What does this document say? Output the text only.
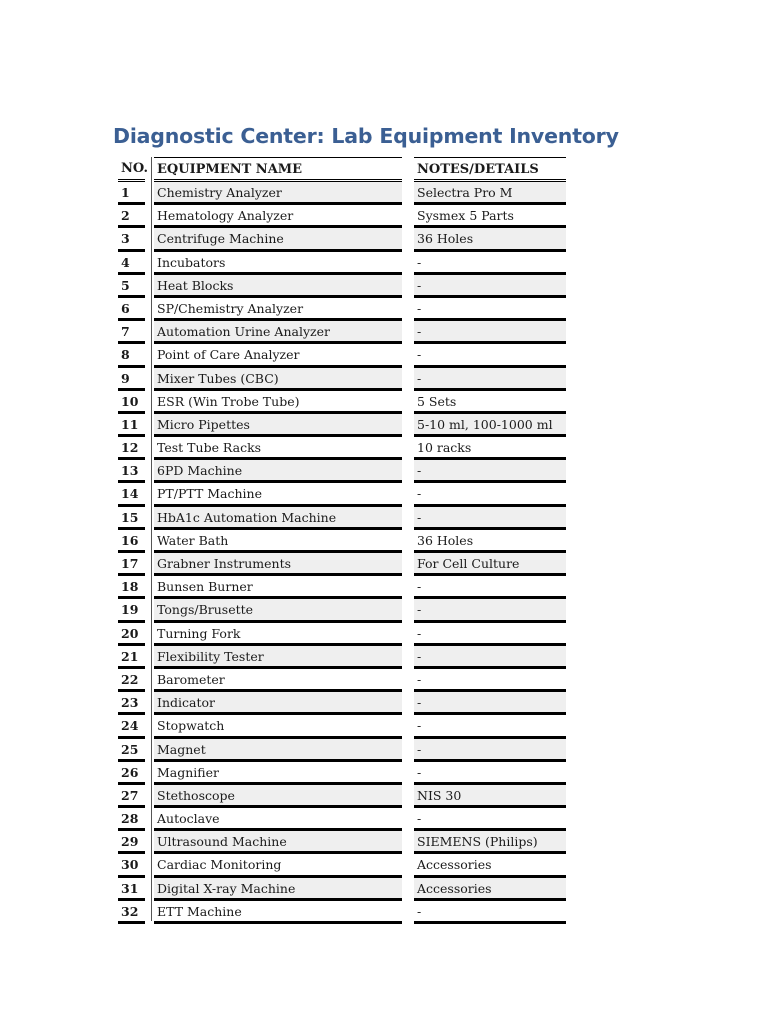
Diagnostic Center: Lab Equipment Inventory
NO. EQUIPMENT NAME	NOTES/DETAILS
1	Chemistry Analyzer	Selectra Pro M
2	Hematology Analyzer	Sysmex 5 Parts
3	Centrifuge Machine	36 Holes
4	Incubators	-
5	Heat Blocks	-
6	SP/Chemistry Analyzer	-
7	Automation Urine Analyzer	-
8	Point of Care Analyzer	-
9	Mixer Tubes (CBC)	-
10	ESR (Win Trobe Tube)	5 Sets
11	Micro Pipettes	5-10 ml, 100-1000 ml
12	Test Tube Racks	10 racks
13	6PD Machine	-
14	PT/PTT Machine	-
15	HbA1c Automation Machine	-
16	Water Bath	36 Holes
17	Grabner Instruments	For Cell Culture
18	Bunsen Burner	-
19	Tongs/Brusette	-
20	Turning Fork	-
21	Flexibility Tester	-
22	Barometer	-
23	Indicator	-
24	Stopwatch	-
25	Magnet	-
26	Magnifier	-
27	Stethoscope	NIS 30
28	Autoclave	-
29	Ultrasound Machine	SIEMENS (Philips)
30	Cardiac Monitoring	Accessories
31	Digital X-ray Machine	Accessories
32	ETT Machine	-
